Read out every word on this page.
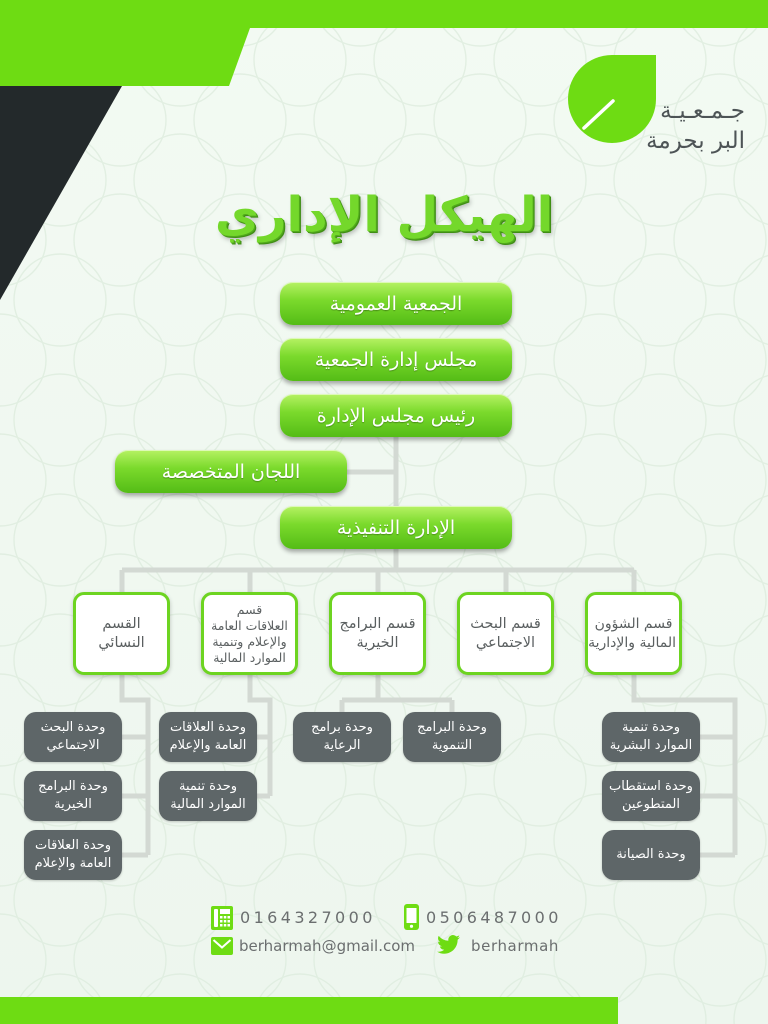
جـمـعـيـة
البر بحرمة
الهيكل الإداري
الجمعية العمومية
مجلس إدارة الجمعية
رئيس مجلس الإدارة
اللجان المتخصصة
الإدارة التنفيذية
القسم
النسائي
قسم
العلاقات العامة
والإعلام وتنمية
الموارد المالية
قسم البرامج
الخيرية
قسم البحث
الاجتماعي
قسم الشؤون
المالية والإدارية
وحدة البحث
الاجتماعي
وحدة البرامج
الخيرية
وحدة العلاقات
العامة والإعلام
وحدة العلاقات
العامة والإعلام
وحدة تنمية
الموارد المالية
وحدة برامج
الرعاية
وحدة البرامج
التنموية
وحدة تنمية
الموارد البشرية
وحدة استقطاب
المتطوعين
وحدة الصيانة
0164327000	0506487000
berharmah@gmail.com	berharmah
